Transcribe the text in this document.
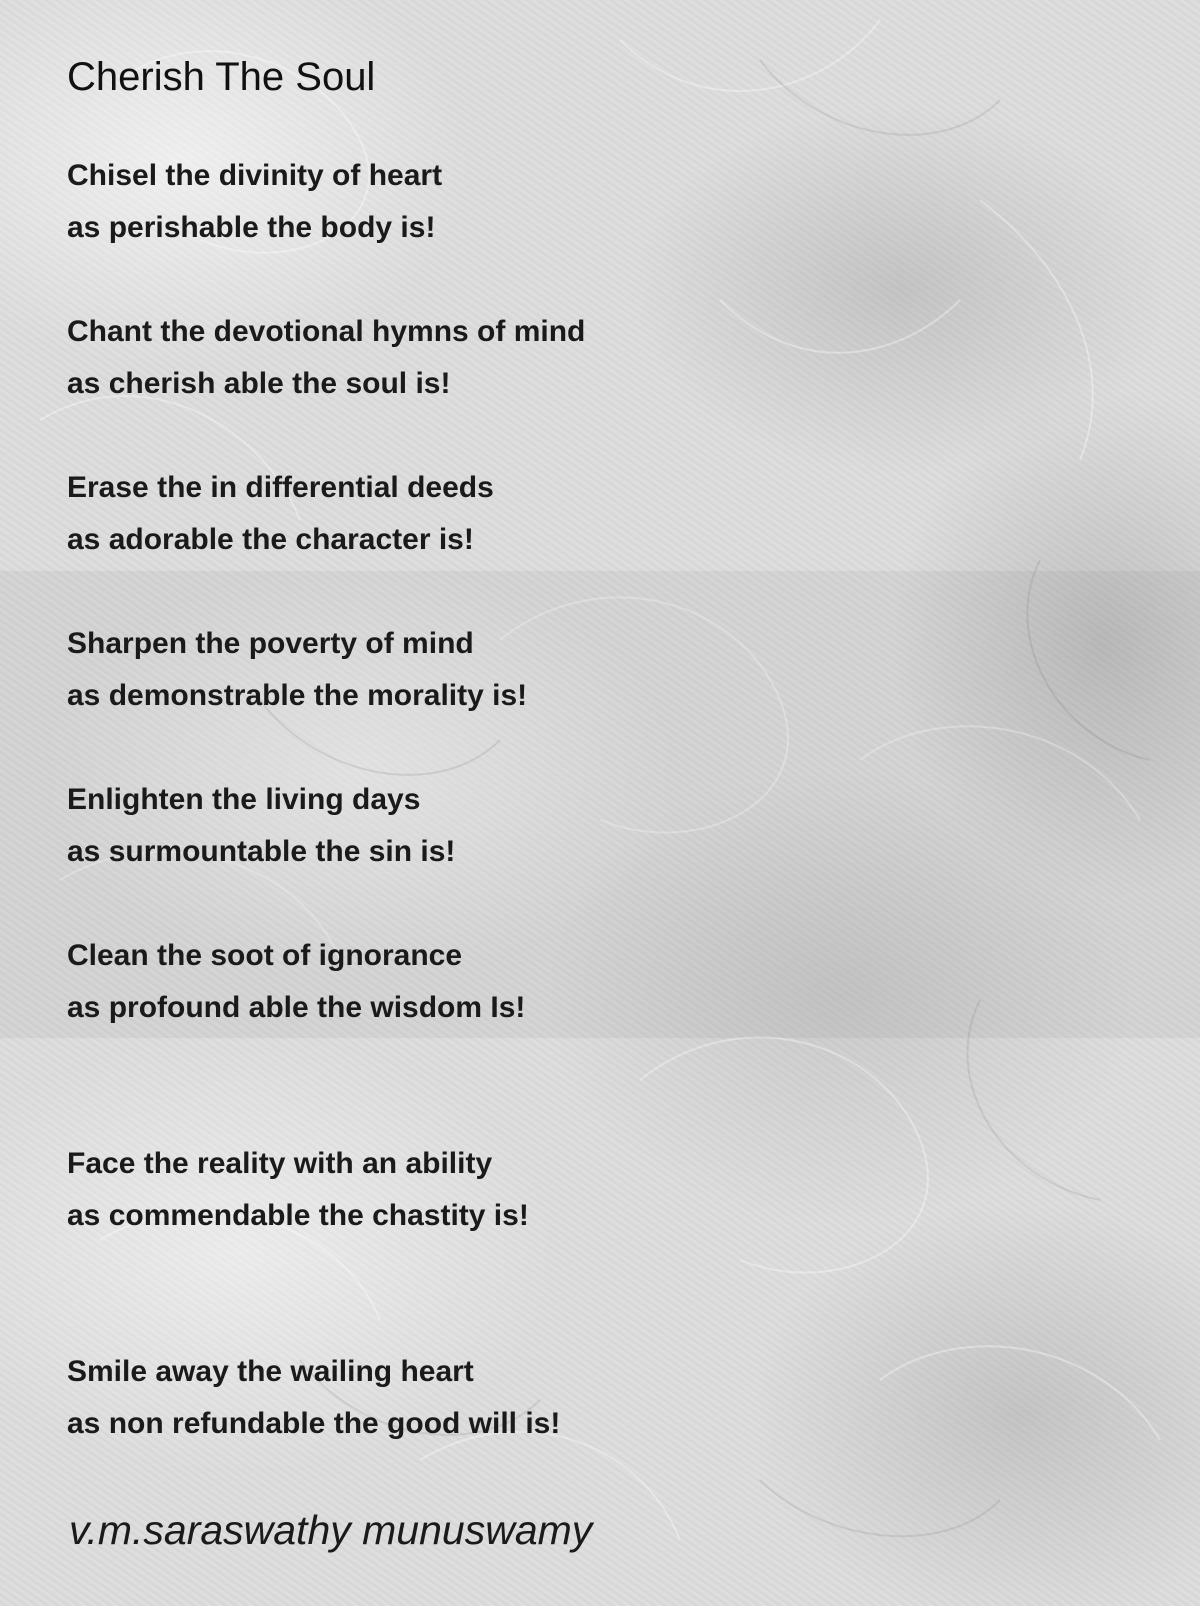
Cherish The Soul
Chisel the divinity of heart
as perishable the body is!
Chant the devotional hymns of mind
as cherish able the soul is!
Erase the in differential deeds
as adorable the character is!
Sharpen the poverty of mind
as demonstrable the morality is!
Enlighten the living days
as surmountable the sin is!
Clean the soot of ignorance
as profound able the wisdom Is!
Face the reality with an ability
as commendable the chastity is!
Smile away the wailing heart
as non refundable the good will is!
v.m.saraswathy munuswamy
